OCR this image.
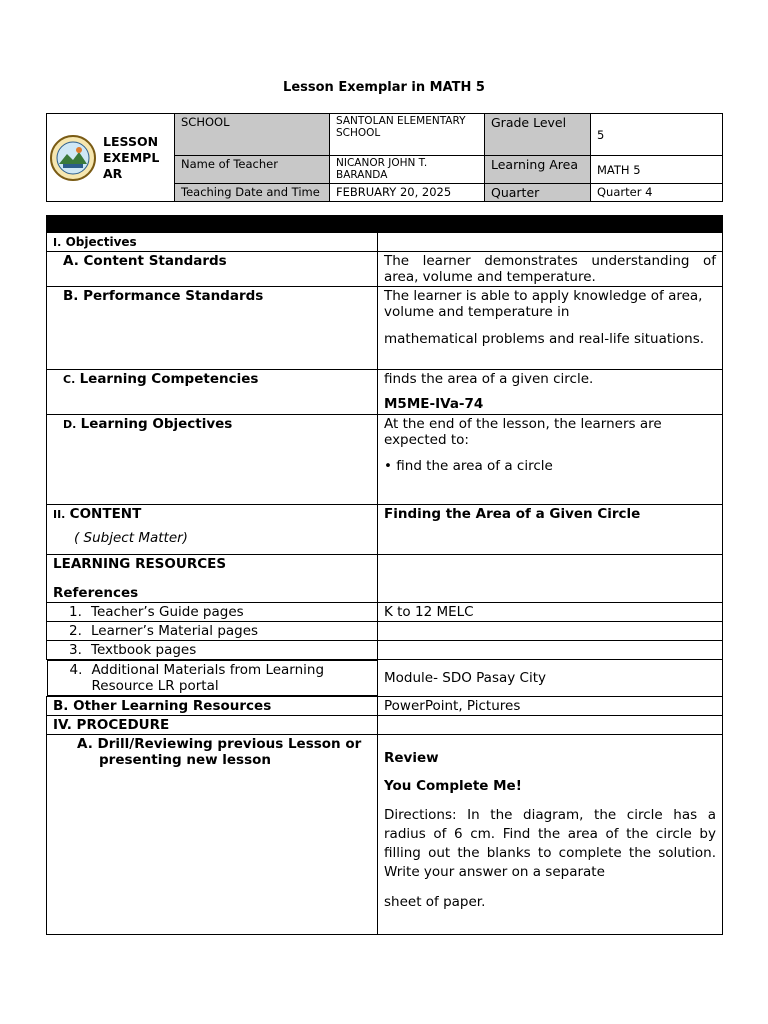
Lesson Exemplar in MATH 5
LESSON EXEMPLAR	SCHOOL	SANTOLAN ELEMENTARY SCHOOL	Grade Level	5
	Name of Teacher	NICANOR JOHN T. BARANDA	Learning Area	MATH 5
	Teaching Date and Time	FEBRUARY 20, 2025	Quarter	Quarter 4

I. Objectives	
A. Content Standards	The learner demonstrates understanding of area, volume and temperature.
B. Performance Standards	The learner is able to apply knowledge of area, volume and temperature in

mathematical problems and real-life situations.

C. Learning Competencies	finds the area of a given circle.

M5ME-IVa-74

D. Learning Objectives	At the end of the lesson, the learners are expected to:

• find the area of a circle

II. CONTENT

( Subject Matter)	Finding the Area of a Given Circle

LEARNING RESOURCES

References	

1. Teacher’s Guide pages	K to 12 MELC
2. Learner’s Material pages	
3. Textbook pages	

4. Additional Materials from Learning Resource LR portal	Module- SDO Pasay City
B. Other Learning Resources	PowerPoint, Pictures
IV. PROCEDURE	
A. Drill/Reviewing previous Lesson or presenting new lesson	Review

You Complete Me!

Directions: In the diagram, the circle has a radius of 6 cm. Find the area of the circle by filling out the blanks to complete the solution. Write your answer on a separate

sheet of paper.
